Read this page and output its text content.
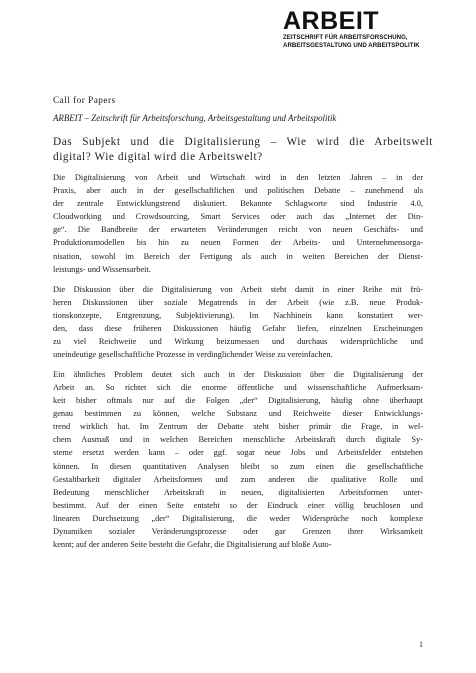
ARBEIT
ZEITSCHRIFT FÜR ARBEITSFORSCHUNG,
ARBEITSGESTALTUNG UND ARBEITSPOLITIK
Call for Papers
ARBEIT – Zeitschrift für Arbeitsforschung, Arbeitsgestaltung und Arbeitspolitik
Das Subjekt und die Digitalisierung – Wie wird die Arbeitswelt
digital? Wie digital wird die Arbeitswelt?
Die Digitalisierung von Arbeit und Wirtschaft wird in den letzten Jahren – in der
Praxis, aber auch in der gesellschaftlichen und politischen Debatte – zunehmend als
der zentrale Entwicklungstrend diskutiert. Bekannte Schlagworte sind Industrie 4.0,
Cloudworking und Crowdsourcing, Smart Services oder auch das „Internet der Din-
ge“. Die Bandbreite der erwarteten Veränderungen reicht von neuen Geschäfts- und
Produktionsmodellen bis hin zu neuen Formen der Arbeits- und Unternehmensorga-
nisation, sowohl im Bereich der Fertigung als auch in weiten Bereichen der Dienst-
leistungs- und Wissensarbeit.
Die Diskussion über die Digitalisierung von Arbeit steht damit in einer Reihe mit frü-
heren Diskussionen über soziale Megatrends in der Arbeit (wie z.B. neue Produk-
tionskonzepte, Entgrenzung, Subjektivierung). Im Nachhinein kann konstatiert wer-
den, dass diese früheren Diskussionen häufig Gefahr liefen, einzelnen Erscheinungen
zu viel Reichweite und Wirkung beizumessen und durchaus widersprüchliche und
uneindeutige gesellschaftliche Prozesse in verdinglichender Weise zu vereinfachen.
Ein ähnliches Problem deutet sich auch in der Diskussion über die Digitalisierung der
Arbeit an. So richtet sich die enorme öffentliche und wissenschaftliche Aufmerksam-
keit bisher oftmals nur auf die Folgen „der“ Digitalisierung, häufig ohne überhaupt
genau bestimmen zu können, welche Substanz und Reichweite dieser Entwicklungs-
trend wirklich hat. Im Zentrum der Debatte steht bisher primär die Frage, in wel-
chem Ausmaß und in welchen Bereichen menschliche Arbeitskraft durch digitale Sy-
steme ersetzt werden kann – oder ggf. sogar neue Jobs und Arbeitsfelder entstehen
können. In diesen quantitativen Analysen bleibt so zum einen die gesellschaftliche
Gestaltbarkeit digitaler Arbeitsformen und zum anderen die qualitative Rolle und
Bedeutung menschlicher Arbeitskraft in neuen, digitalisierten Arbeitsformen unter-
bestimmt. Auf der einen Seite entsteht so der Eindruck einer völlig bruchlosen und
linearen Durchsetzung „der“ Digitalisierung, die weder Widersprüche noch komplexe
Dynamiken sozialer Veränderungsprozesse oder gar Grenzen ihrer Wirksamkeit
kennt; auf der anderen Seite besteht die Gefahr, die Digitalisierung auf bloße Auto-
1
